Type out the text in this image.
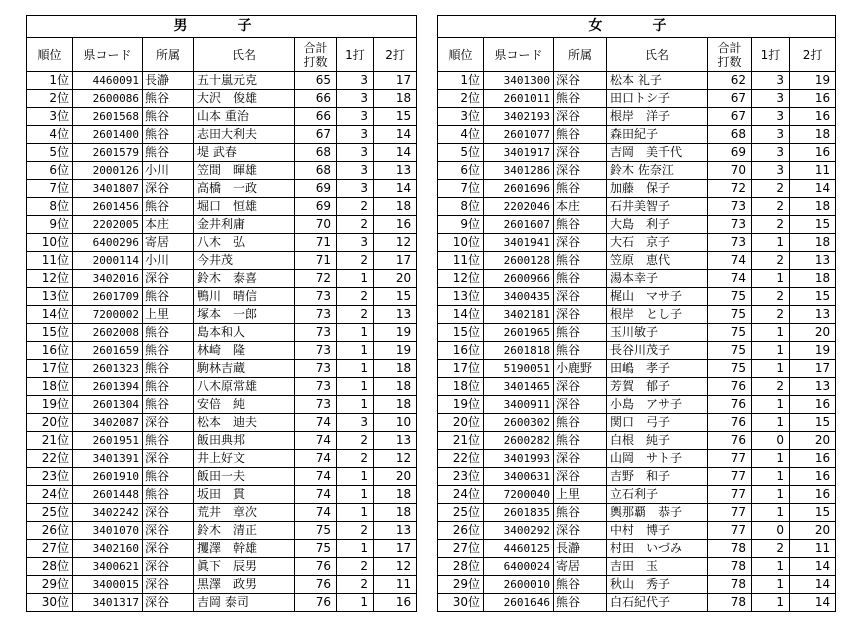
男　子						
順位	県コード	所属	氏名	合計
打数	1打	2打
1位	4460091	長瀞	五十嵐元克	65	3	17
2位	2600086	熊谷	大沢　俊雄	66	3	18
3位	2601568	熊谷	山本 重治	66	3	15
4位	2601400	熊谷	志田大利夫	67	3	14
5位	2601579	熊谷	堤 武春	68	3	14
6位	2000126	小川	笠間　暉雄	68	3	13
7位	3401807	深谷	高橋　一政	69	3	14
8位	2601456	熊谷	堀口　恒雄	69	2	18
9位	2202005	本庄	金井利庸	70	2	16
10位	6400296	寄居	八木　弘	71	3	12
11位	2000114	小川	今井茂	71	2	17
12位	3402016	深谷	鈴木　泰喜	72	1	20
13位	2601709	熊谷	鴨川　晴信	73	2	15
14位	7200002	上里	塚本　一郎	73	2	13
15位	2602008	熊谷	島本和人	73	1	19
16位	2601659	熊谷	林崎　隆	73	1	19
17位	2601323	熊谷	駒林吉蔵	73	1	18
18位	2601394	熊谷	八木原常雄	73	1	18
19位	2601304	熊谷	安倍　純	73	1	18
20位	3402087	深谷	松本　迪夫	74	3	10
21位	2601951	熊谷	飯田典邦	74	2	13
22位	3401391	深谷	井上好文	74	2	12
23位	2601910	熊谷	飯田一夫	74	1	20
24位	2601448	熊谷	坂田　貫	74	1	18
25位	3402242	深谷	荒井　章次	74	1	18
26位	3401070	深谷	鈴木　清正	75	2	13
27位	3402160	深谷	攫澤　幹雄	75	1	17
28位	3400621	深谷	眞下　辰男	76	2	12
29位	3400015	深谷	黒澤　政男	76	2	11
30位	3401317	深谷	吉岡 泰司	76	1	16
女　子						
順位	県コード	所属	氏名	合計
打数	1打	2打
1位	3401300	深谷	松本 礼子	62	3	19
2位	2601011	熊谷	田口トシ子	67	3	16
3位	3402193	深谷	根岸　洋子	67	3	16
4位	2601077	熊谷	森田紀子	68	3	18
5位	3401917	深谷	吉岡　美千代	69	3	16
6位	3401286	深谷	鈴木 佐奈江	70	3	11
7位	2601696	熊谷	加藤　保子	72	2	14
8位	2202046	本庄	石井美智子	73	2	18
9位	2601607	熊谷	大島　利子	73	2	15
10位	3401941	深谷	大石　京子	73	1	18
11位	2600128	熊谷	笠原　恵代	74	2	13
12位	2600966	熊谷	湯本幸子	74	1	18
13位	3400435	深谷	梶山　マサ子	75	2	15
14位	3402181	深谷	根岸　とし子	75	2	13
15位	2601965	熊谷	玉川敏子	75	1	20
16位	2601818	熊谷	長谷川茂子	75	1	19
17位	5190051	小鹿野	田嶋　孝子	75	1	17
18位	3401465	深谷	芳賀　郁子	76	2	13
19位	3400911	深谷	小島　アサ子	76	1	16
20位	2600302	熊谷	関口　弓子	76	1	15
21位	2600282	熊谷	白根　純子	76	0	20
22位	3401993	深谷	山岡　サト子	77	1	16
23位	3400631	深谷	吉野　和子	77	1	16
24位	7200040	上里	立石利子	77	1	16
25位	2601835	熊谷	輿那覇　恭子	77	1	15
26位	3400292	深谷	中村　博子	77	0	20
27位	4460125	長瀞	村田　いづみ	78	2	11
28位	6400024	寄居	吉田　玉	78	1	14
29位	2600010	熊谷	秋山　秀子	78	1	14
30位	2601646	熊谷	白石紀代子	78	1	14
